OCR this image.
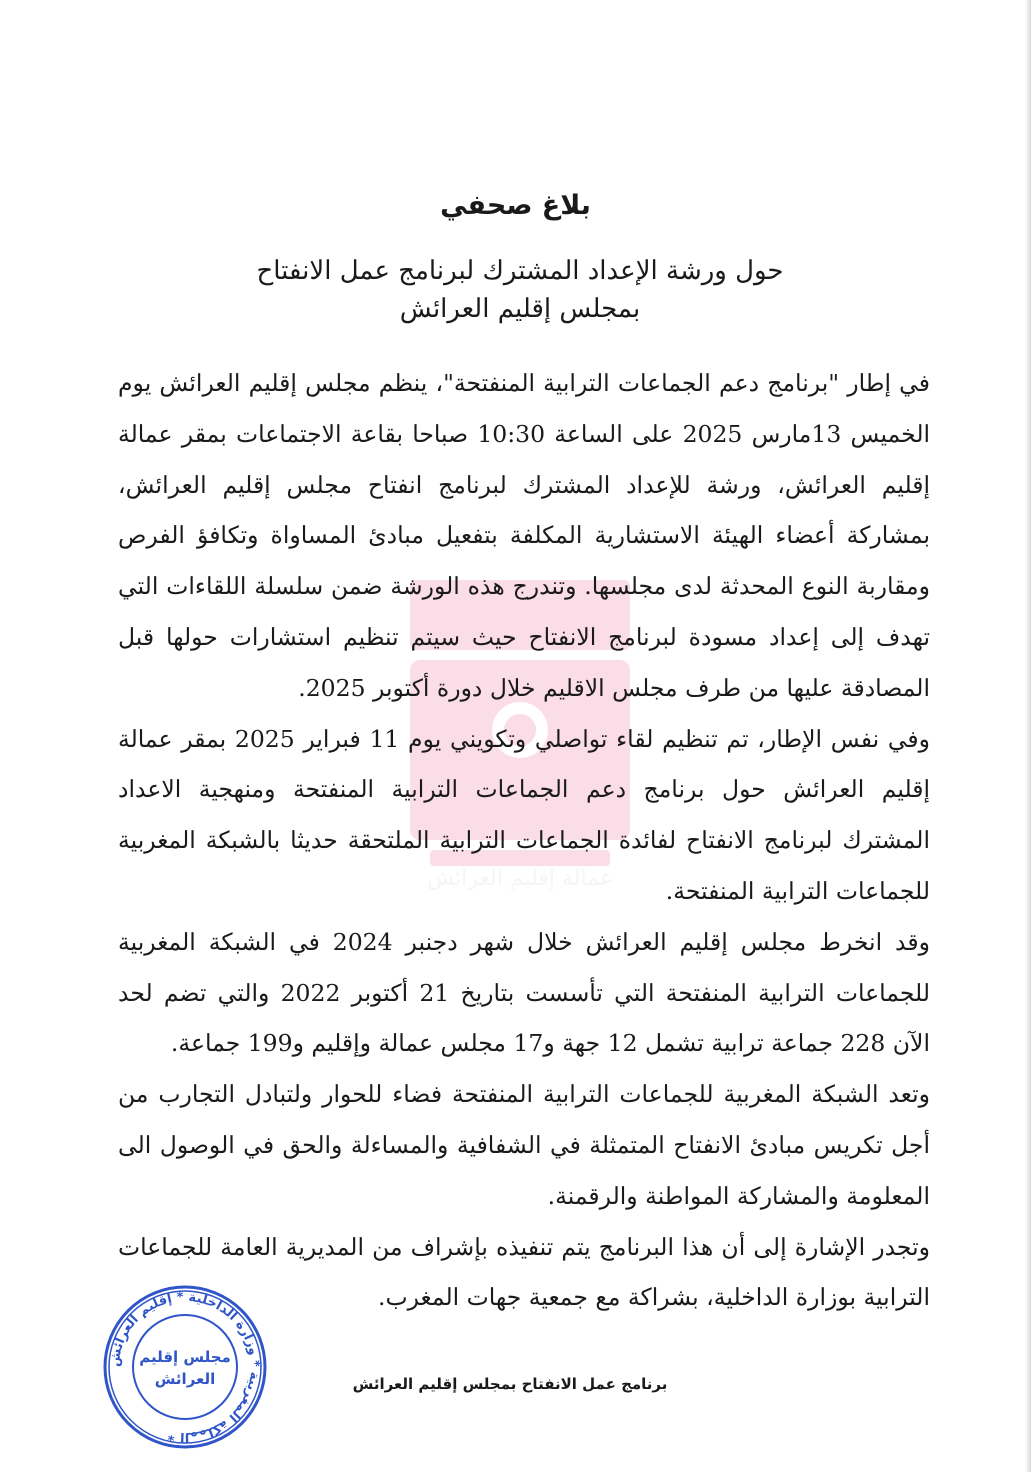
عمالة إقليم العرائش
بلاغ صحفي
حول ورشة الإعداد المشترك لبرنامج عمل الانفتاح
بمجلس إقليم العرائش

في إطار "برنامج دعم الجماعات الترابية المنفتحة"، ينظم مجلس إقليم العرائش يوم الخميس 13مارس 2025 على الساعة 10:30 صباحا بقاعة الاجتماعات بمقر عمالة إقليم العرائش، ورشة للإعداد المشترك لبرنامج انفتاح مجلس إقليم العرائش، بمشاركة أعضاء الهيئة الاستشارية المكلفة بتفعيل مبادئ المساواة وتكافؤ الفرص ومقاربة النوع المحدثة لدى مجلسها. وتندرج هذه الورشة ضمن سلسلة اللقاءات التي تهدف إلى إعداد مسودة لبرنامج الانفتاح حيث سيتم تنظيم استشارات حولها قبل المصادقة عليها من طرف مجلس الاقليم خلال دورة أكتوبر 2025.

وفي نفس الإطار، تم تنظيم لقاء تواصلي وتكويني يوم 11 فبراير 2025 بمقر عمالة إقليم العرائش حول برنامج دعم الجماعات الترابية المنفتحة ومنهجية الاعداد المشترك لبرنامج الانفتاح لفائدة الجماعات الترابية الملتحقة حديثا بالشبكة المغربية للجماعات الترابية المنفتحة.

وقد انخرط مجلس إقليم العرائش خلال شهر دجنبر 2024 في الشبكة المغربية للجماعات الترابية المنفتحة التي تأسست بتاريخ 21 أكتوبر 2022 والتي تضم لحد الآن 228 جماعة ترابية تشمل 12 جهة و17 مجلس عمالة وإقليم و199 جماعة.

وتعد الشبكة المغربية للجماعات الترابية المنفتحة فضاء للحوار ولتبادل التجارب من أجل تكريس مبادئ الانفتاح المتمثلة في الشفافية والمساءلة والحق في الوصول الى المعلومة والمشاركة المواطنة والرقمنة.

وتجدر الإشارة إلى أن هذا البرنامج يتم تنفيذه بإشراف من المديرية العامة للجماعات الترابية بوزارة الداخلية، بشراكة مع جمعية جهات المغرب.

المملكة المغربية * وزارة الداخلية * إقليم العرائش *
مجلس إقليم
العرائش	برنامج عمل الانفتاح بمجلس إقليم العرائش
